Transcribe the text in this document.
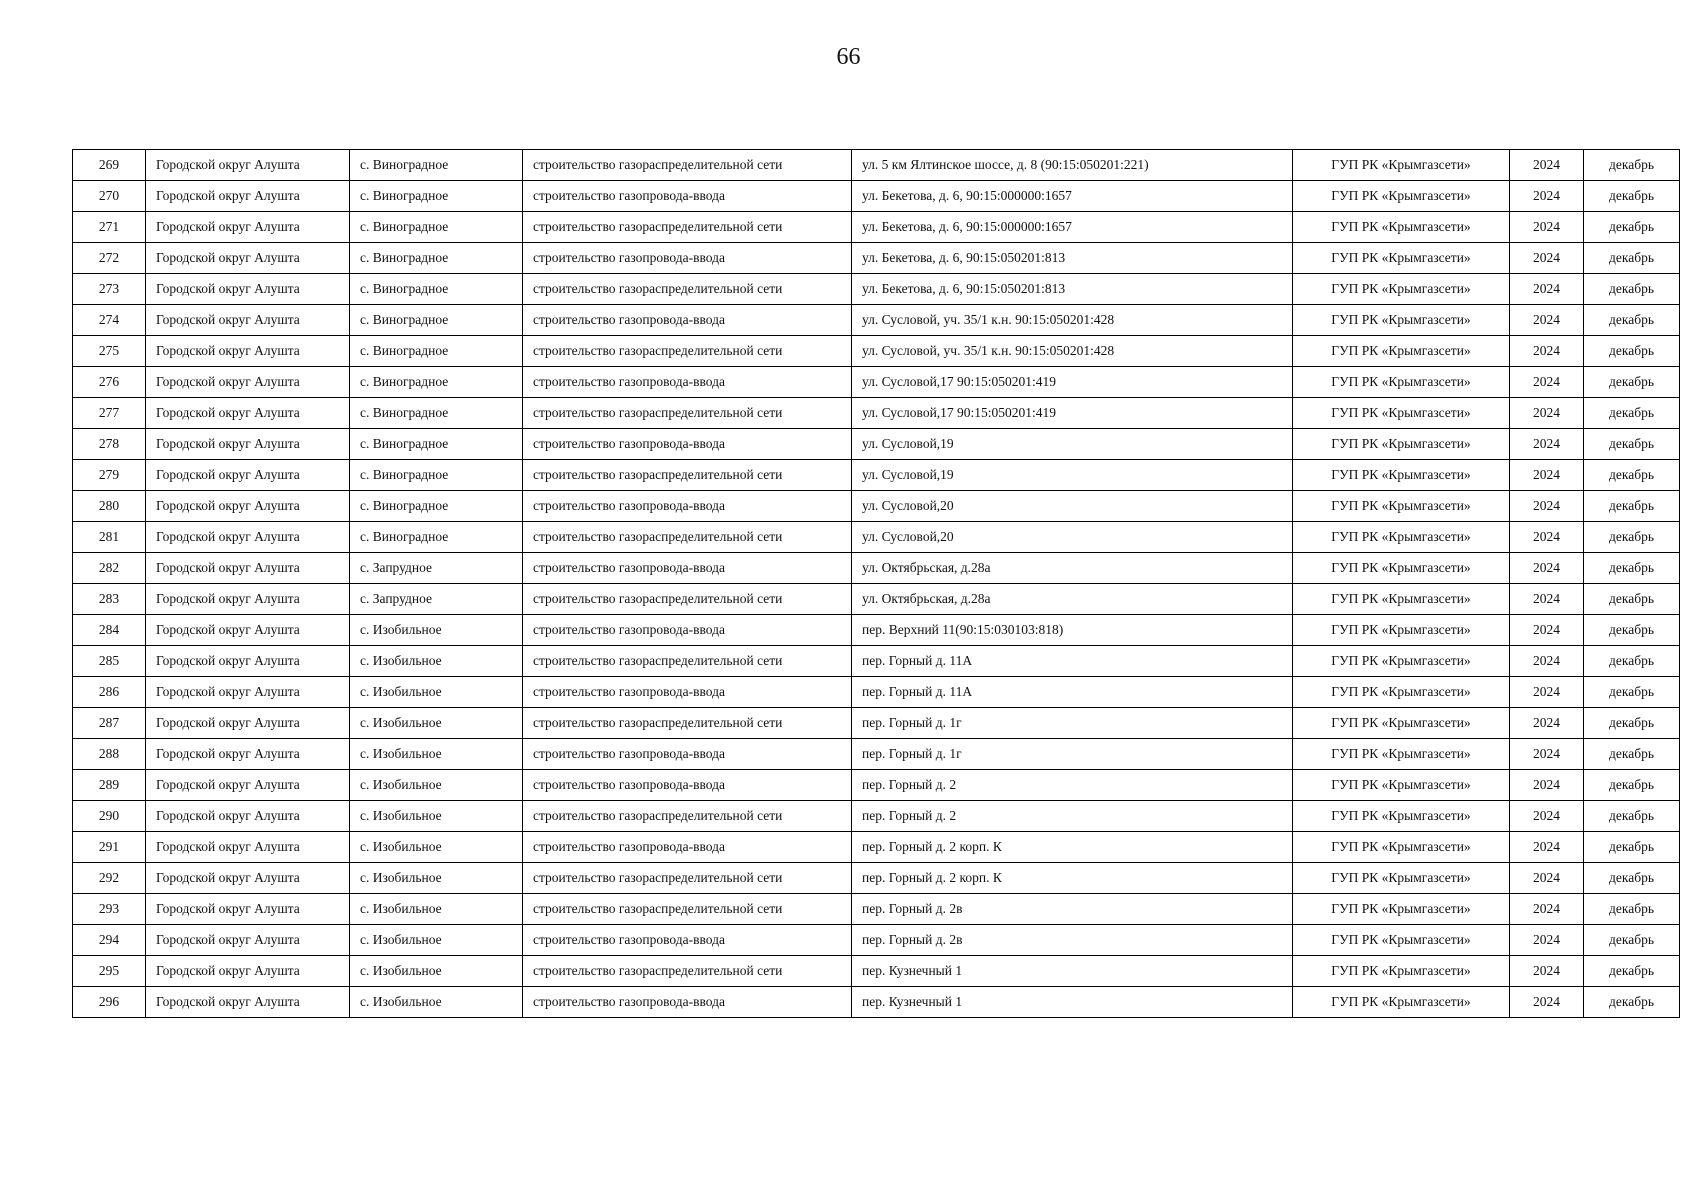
66
269	Городской округ Алушта	с. Виноградное	строительство газораспределительной сети	ул. 5 км Ялтинское шоссе, д. 8 (90:15:050201:221)	ГУП РК «Крымгазсети»	2024	декабрь
270	Городской округ Алушта	с. Виноградное	строительство газопровода-ввода	ул. Бекетова, д. 6, 90:15:000000:1657	ГУП РК «Крымгазсети»	2024	декабрь
271	Городской округ Алушта	с. Виноградное	строительство газораспределительной сети	ул. Бекетова, д. 6, 90:15:000000:1657	ГУП РК «Крымгазсети»	2024	декабрь
272	Городской округ Алушта	с. Виноградное	строительство газопровода-ввода	ул. Бекетова, д. 6, 90:15:050201:813	ГУП РК «Крымгазсети»	2024	декабрь
273	Городской округ Алушта	с. Виноградное	строительство газораспределительной сети	ул. Бекетова, д. 6, 90:15:050201:813	ГУП РК «Крымгазсети»	2024	декабрь
274	Городской округ Алушта	с. Виноградное	строительство газопровода-ввода	ул. Сусловой, уч. 35/1 к.н. 90:15:050201:428	ГУП РК «Крымгазсети»	2024	декабрь
275	Городской округ Алушта	с. Виноградное	строительство газораспределительной сети	ул. Сусловой, уч. 35/1 к.н. 90:15:050201:428	ГУП РК «Крымгазсети»	2024	декабрь
276	Городской округ Алушта	с. Виноградное	строительство газопровода-ввода	ул. Сусловой,17 90:15:050201:419	ГУП РК «Крымгазсети»	2024	декабрь
277	Городской округ Алушта	с. Виноградное	строительство газораспределительной сети	ул. Сусловой,17 90:15:050201:419	ГУП РК «Крымгазсети»	2024	декабрь
278	Городской округ Алушта	с. Виноградное	строительство газопровода-ввода	ул. Сусловой,19	ГУП РК «Крымгазсети»	2024	декабрь
279	Городской округ Алушта	с. Виноградное	строительство газораспределительной сети	ул. Сусловой,19	ГУП РК «Крымгазсети»	2024	декабрь
280	Городской округ Алушта	с. Виноградное	строительство газопровода-ввода	ул. Сусловой,20	ГУП РК «Крымгазсети»	2024	декабрь
281	Городской округ Алушта	с. Виноградное	строительство газораспределительной сети	ул. Сусловой,20	ГУП РК «Крымгазсети»	2024	декабрь
282	Городской округ Алушта	с. Запрудное	строительство газопровода-ввода	ул. Октябрьская, д.28а	ГУП РК «Крымгазсети»	2024	декабрь
283	Городской округ Алушта	с. Запрудное	строительство газораспределительной сети	ул. Октябрьская, д.28а	ГУП РК «Крымгазсети»	2024	декабрь
284	Городской округ Алушта	с. Изобильное	строительство газопровода-ввода	пер. Верхний 11(90:15:030103:818)	ГУП РК «Крымгазсети»	2024	декабрь
285	Городской округ Алушта	с. Изобильное	строительство газораспределительной сети	пер. Горный д. 11А	ГУП РК «Крымгазсети»	2024	декабрь
286	Городской округ Алушта	с. Изобильное	строительство газопровода-ввода	пер. Горный д. 11А	ГУП РК «Крымгазсети»	2024	декабрь
287	Городской округ Алушта	с. Изобильное	строительство газораспределительной сети	пер. Горный д. 1г	ГУП РК «Крымгазсети»	2024	декабрь
288	Городской округ Алушта	с. Изобильное	строительство газопровода-ввода	пер. Горный д. 1г	ГУП РК «Крымгазсети»	2024	декабрь
289	Городской округ Алушта	с. Изобильное	строительство газопровода-ввода	пер. Горный д. 2	ГУП РК «Крымгазсети»	2024	декабрь
290	Городской округ Алушта	с. Изобильное	строительство газораспределительной сети	пер. Горный д. 2	ГУП РК «Крымгазсети»	2024	декабрь
291	Городской округ Алушта	с. Изобильное	строительство газопровода-ввода	пер. Горный д. 2 корп. К	ГУП РК «Крымгазсети»	2024	декабрь
292	Городской округ Алушта	с. Изобильное	строительство газораспределительной сети	пер. Горный д. 2 корп. К	ГУП РК «Крымгазсети»	2024	декабрь
293	Городской округ Алушта	с. Изобильное	строительство газораспределительной сети	пер. Горный д. 2в	ГУП РК «Крымгазсети»	2024	декабрь
294	Городской округ Алушта	с. Изобильное	строительство газопровода-ввода	пер. Горный д. 2в	ГУП РК «Крымгазсети»	2024	декабрь
295	Городской округ Алушта	с. Изобильное	строительство газораспределительной сети	пер. Кузнечный 1	ГУП РК «Крымгазсети»	2024	декабрь
296	Городской округ Алушта	с. Изобильное	строительство газопровода-ввода	пер. Кузнечный 1	ГУП РК «Крымгазсети»	2024	декабрь
